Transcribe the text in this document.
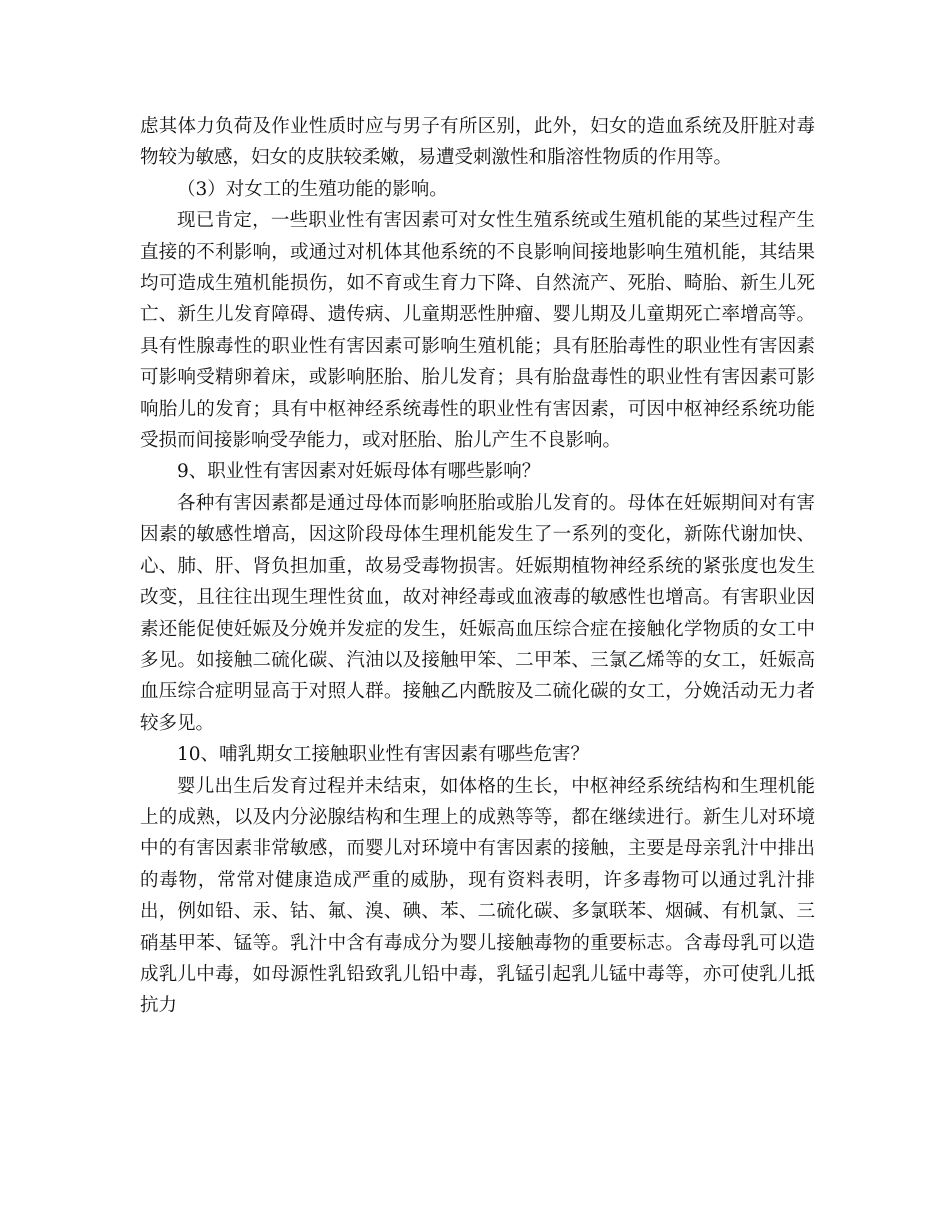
虑其体力负荷及作业性质时应与男子有所区别，此外，妇女的造血系统及肝脏对毒物较为敏感，妇女的皮肤较柔嫩，易遭受刺激性和脂溶性物质的作用等。

（3）对女工的生殖功能的影响。

现已肯定，一些职业性有害因素可对女性生殖系统或生殖机能的某些过程产生直接的不利影响，或通过对机体其他系统的不良影响间接地影响生殖机能，其结果均可造成生殖机能损伤，如不育或生育力下降、自然流产、死胎、畸胎、新生儿死亡、新生儿发育障碍、遗传病、儿童期恶性肿瘤、婴儿期及儿童期死亡率增高等。具有性腺毒性的职业性有害因素可影响生殖机能；具有胚胎毒性的职业性有害因素可影响受精卵着床，或影响胚胎、胎儿发育；具有胎盘毒性的职业性有害因素可影响胎儿的发育；具有中枢神经系统毒性的职业性有害因素，可因中枢神经系统功能受损而间接影响受孕能力，或对胚胎、胎儿产生不良影响。

9、职业性有害因素对妊娠母体有哪些影响？

各种有害因素都是通过母体而影响胚胎或胎儿发育的。母体在妊娠期间对有害因素的敏感性增高，因这阶段母体生理机能发生了一系列的变化，新陈代谢加快、心、肺、肝、肾负担加重，故易受毒物损害。妊娠期植物神经系统的紧张度也发生改变，且往往出现生理性贫血，故对神经毒或血液毒的敏感性也增高。有害职业因素还能促使妊娠及分娩并发症的发生，妊娠高血压综合症在接触化学物质的女工中多见。如接触二硫化碳、汽油以及接触甲笨、二甲苯、三氯乙烯等的女工，妊娠高血压综合症明显高于对照人群。接触乙内酰胺及二硫化碳的女工，分娩活动无力者较多见。

10、哺乳期女工接触职业性有害因素有哪些危害？

婴儿出生后发育过程并未结束，如体格的生长，中枢神经系统结构和生理机能上的成熟，以及内分泌腺结构和生理上的成熟等等，都在继续进行。新生儿对环境中的有害因素非常敏感，而婴儿对环境中有害因素的接触，主要是母亲乳汁中排出的毒物，常常对健康造成严重的威胁，现有资料表明，许多毒物可以通过乳汁排出，例如铅、汞、钴、氟、溴、碘、苯、二硫化碳、多氯联苯、烟碱、有机氯、三硝基甲苯、锰等。乳汁中含有毒成分为婴儿接触毒物的重要标志。含毒母乳可以造成乳儿中毒，如母源性乳铅致乳儿铅中毒，乳锰引起乳儿锰中毒等，亦可使乳儿抵抗力
